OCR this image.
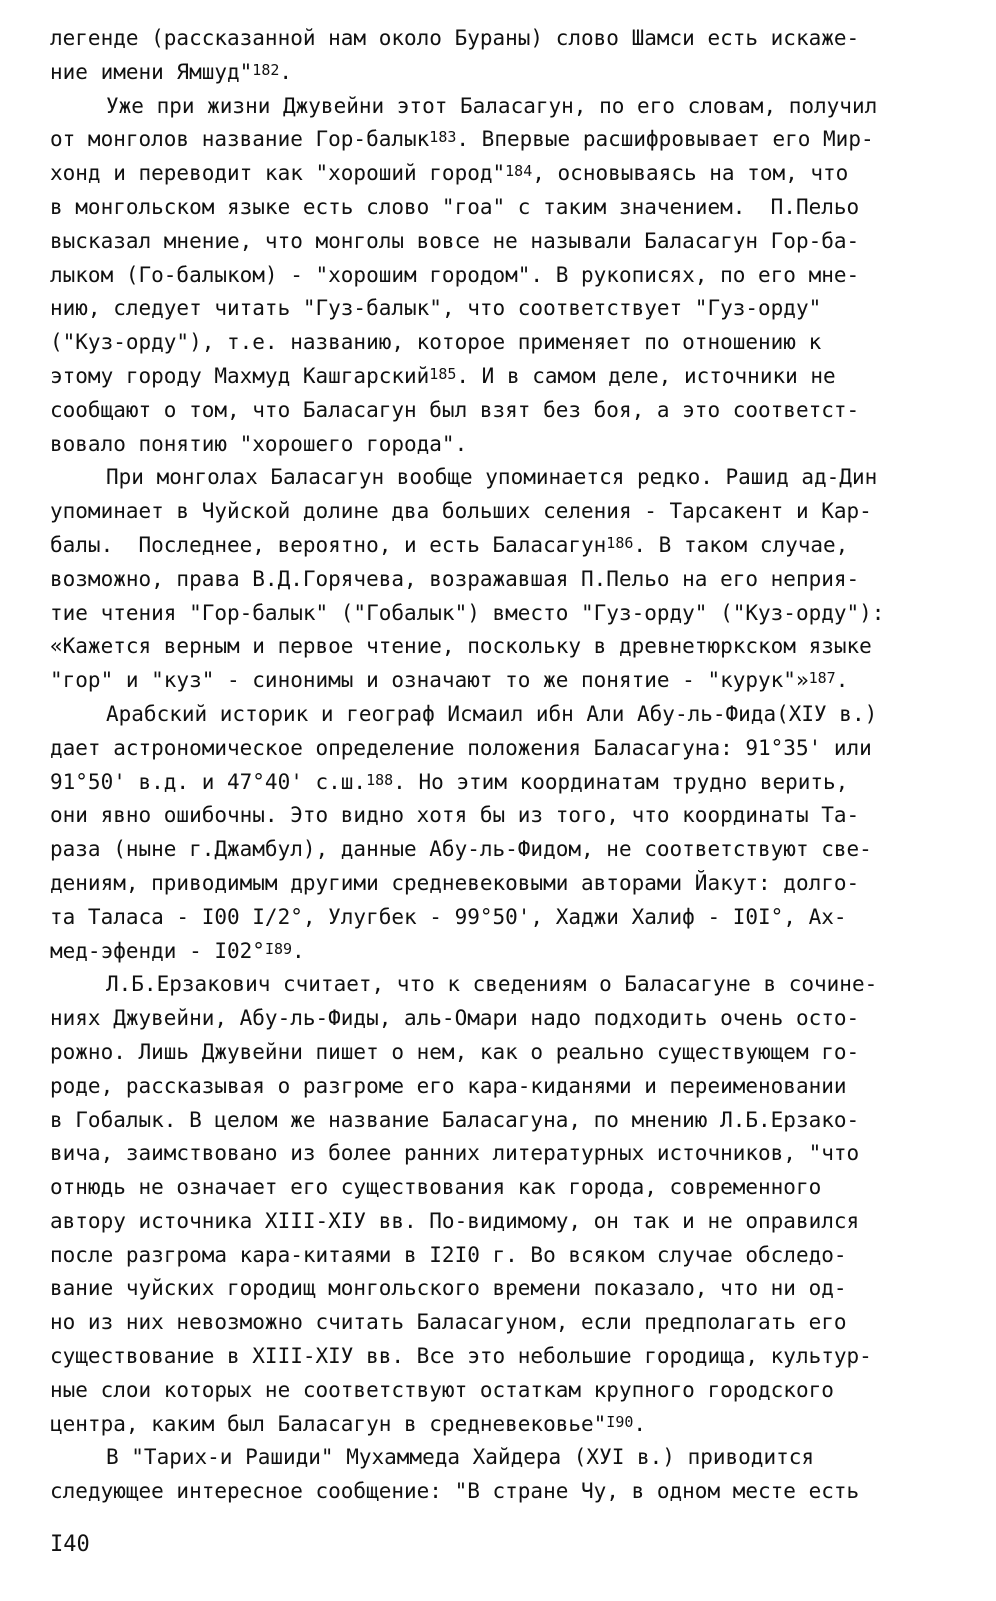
легенде (рассказанной нам около Бураны) слово Шамси есть искаже-
ние имени Ямшуд"$^{182}$.
Уже при жизни Джувейни этот Баласагун, по его словам, получил
от монголов название Гор-балык$^{183}$. Впервые расшифровывает его Мир-
хонд и переводит как "хороший город"$^{184}$, основываясь на том, что
в монгольском языке есть слово "гоа" с таким значением.  П.Пельо
высказал мнение, что монголы вовсе не называли Баласагун Гор-ба-
лыком (Го-балыком) - "хорошим городом". В рукописях, по его мне-
нию, следует читать "Гуз-балык", что соответствует "Гуз-орду"
("Куз-орду"), т.е. названию, которое применяет по отношению к
этому городу Махмуд Кашгарский$^{185}$. И в самом деле, источники не
сообщают о том, что Баласагун был взят без боя, а это соответст-
вовало понятию "хорошего города".
При монголах Баласагун вообще упоминается редко. Рашид ад-Дин
упоминает в Чуйской долине два больших селения - Тарсакент и Кар-
балы.  Последнее, вероятно, и есть Баласагун$^{186}$. В таком случае,
возможно, права В.Д.Горячева, возражавшая П.Пельо на его неприя-
тие чтения "Гор-балык" ("Гобалык") вместо "Гуз-орду" ("Куз-орду"):
«Кажется верным и первое чтение, поскольку в древнетюркском языке
"гор" и "куз" - синонимы и означают то же понятие - "курук"»$^{187}$.
Арабский историк и географ Исмаил ибн Али Абу-ль-Фида(XIУ в.)
дает астрономическое определение положения Баласагуна: 91°35' или
91°50' в.д. и 47°40' с.ш.$^{188}$. Но этим координатам трудно верить,
они явно ошибочны. Это видно хотя бы из того, что координаты Та-
раза (ныне г.Джамбул), данные Абу-ль-Фидом, не соответствуют све-
дениям, приводимым другими средневековыми авторами Йакут: долго-
та Таласа - I00 I/2°, Улугбек - 99°50', Хаджи Халиф - I0I°, Ах-
мед-эфенди - I02°$^{I89}$.
Л.Б.Ерзакович считает, что к сведениям о Баласагуне в сочине-
ниях Джувейни, Абу-ль-Фиды, аль-Омари надо подходить очень осто-
рожно. Лишь Джувейни пишет о нем, как о реально существующем го-
роде, рассказывая о разгроме его кара-киданями и переименовании
в Гобалык. В целом же название Баласагуна, по мнению Л.Б.Ерзако-
вича, заимствовано из более ранних литературных источников, "что
отнюдь не означает его существования как города, современного
автору источника XIII-XIУ вв. По-видимому, он так и не оправился
после разгрома кара-китаями в I2I0 г. Во всяком случае обследо-
вание чуйских городищ монгольского времени показало, что ни од-
но из них невозможно считать Баласагуном, если предполагать его
существование в XIII-XIУ вв. Все это небольшие городища, культур-
ные слои которых не соответствуют остаткам крупного городского
центра, каким был Баласагун в средневековье"$^{I90}$.
В "Тарих-и Рашиди" Мухаммеда Хайдера (XУI в.) приводится
следующее интересное сообщение: "В стране Чу, в одном месте есть
I40
